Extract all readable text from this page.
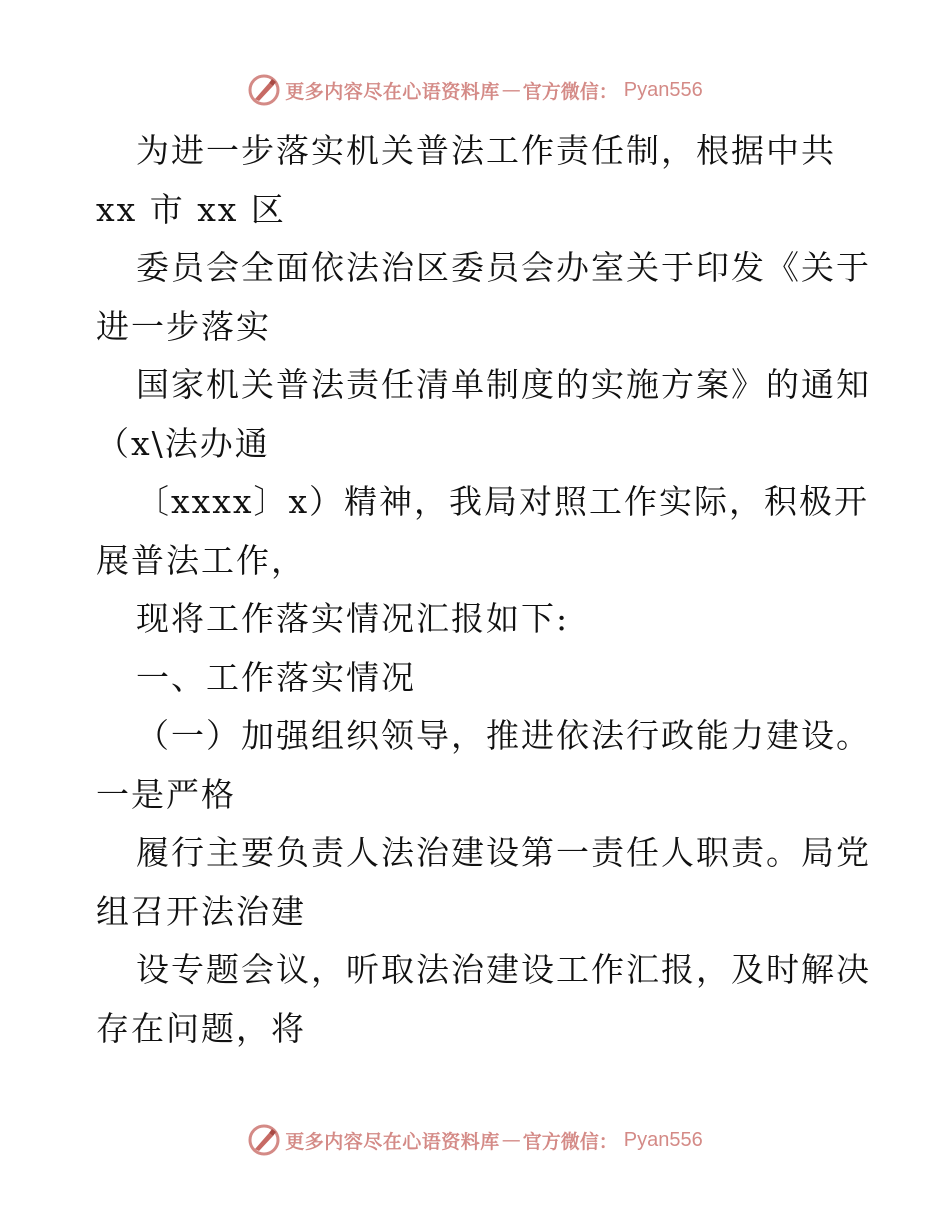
更多内容尽在心语资料库 — 官方微信： Pyan556
为进一步落实机关普法工作责任制，根据中共
xx 市 xx 区
委员会全面依法治区委员会办室关于印发《关于
进一步落实
国家机关普法责任清单制度的实施方案》的通知
（x\法办通
〔xxxx〕x）精神，我局对照工作实际，积极开
展普法工作，
现将工作落实情况汇报如下:
一、工作落实情况
（一）加强组织领导，推进依法行政能力建设。
一是严格
履行主要负责人法治建设第一责任人职责。局党
组召开法治建
设专题会议，听取法治建设工作汇报，及时解决
存在问题，将
更多内容尽在心语资料库 — 官方微信： Pyan556
